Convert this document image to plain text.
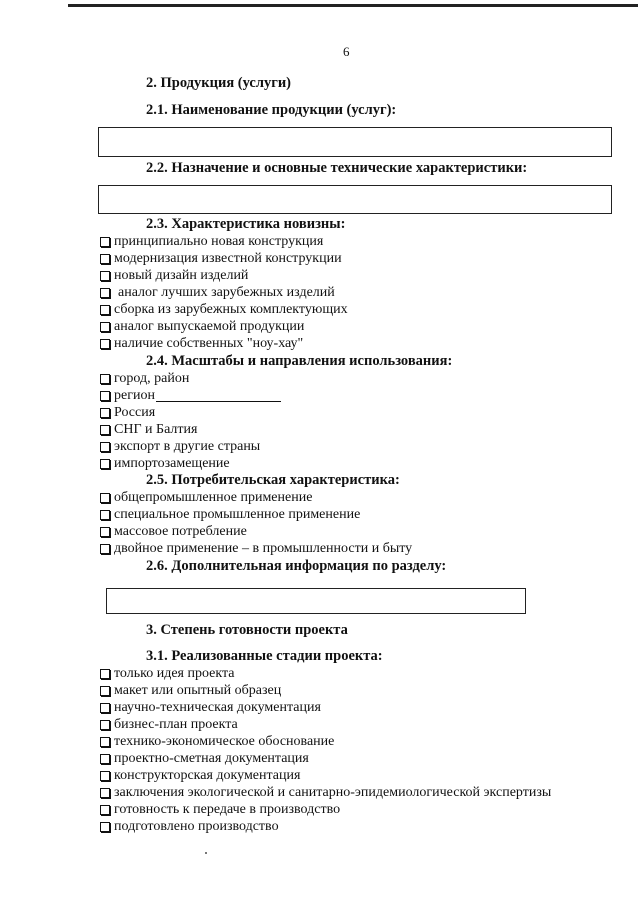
6
2. Продукция (услуги)
2.1. Наименование продукции (услуг):
2.2. Назначение и основные технические характеристики:
2.3. Характеристика новизны:
принципиально новая конструкция
модернизация известной конструкции
новый дизайн изделий
аналог лучших зарубежных изделий
сборка из зарубежных комплектующих
аналог выпускаемой продукции
наличие собственных "ноу-хау"
2.4. Масштабы и направления использования:
город, район
регион
Россия
СНГ и Балтия
экспорт в другие страны
импортозамещение
2.5. Потребительская характеристика:
общепромышленное применение
специальное промышленное применение
массовое потребление
двойное применение – в промышленности и быту
2.6. Дополнительная информация по разделу:
3. Степень готовности проекта
3.1. Реализованные стадии проекта:
только идея проекта
макет или опытный образец
научно-техническая документация
бизнес-план проекта
технико-экономическое обоснование
проектно-сметная документация
конструкторская документация
заключения экологической и санитарно-эпидемиологической экспертизы
готовность к передаче в производство
подготовлено производство
